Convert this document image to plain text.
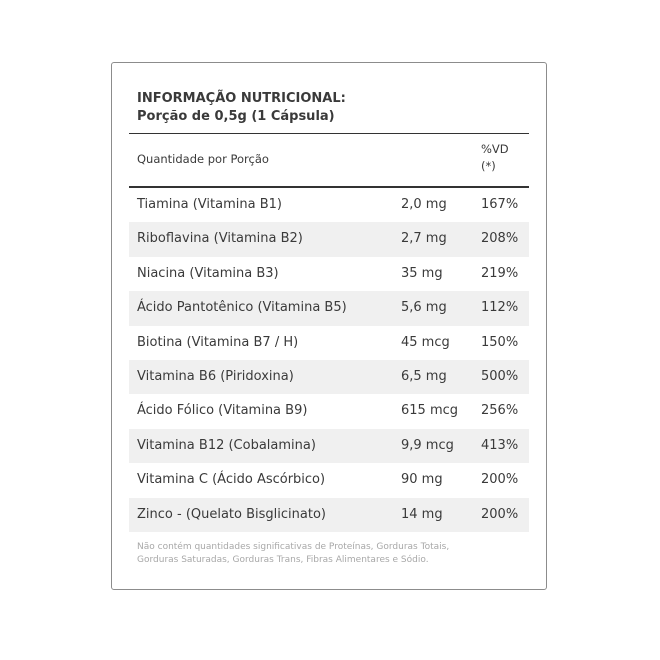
INFORMAÇÃO NUTRICIONAL:
Porção de 0,5g (1 Cápsula)
Quantidade por Porção
%VD
(*)
Tiamina (Vitamina B1)	2,0 mg	167%
Riboflavina (Vitamina B2)	2,7 mg	208%
Niacina (Vitamina B3)	35 mg	219%
Ácido Pantotênico (Vitamina B5)	5,6 mg	112%
Biotina (Vitamina B7 / H)	45 mcg 150%
Vitamina B6 (Piridoxina)	6,5 mg	500%
Ácido Fólico (Vitamina B9)	615 mcg 256%
Vitamina B12 (Cobalamina)	9,9 mcg 413%
Vitamina C (Ácido Ascórbico)	90 mg	200%
Zinco - (Quelato Bisglicinato)	14 mg	200%
Não contém quantidades significativas de Proteínas, Gorduras Totais,
Gorduras Saturadas, Gorduras Trans, Fibras Alimentares e Sódio.
